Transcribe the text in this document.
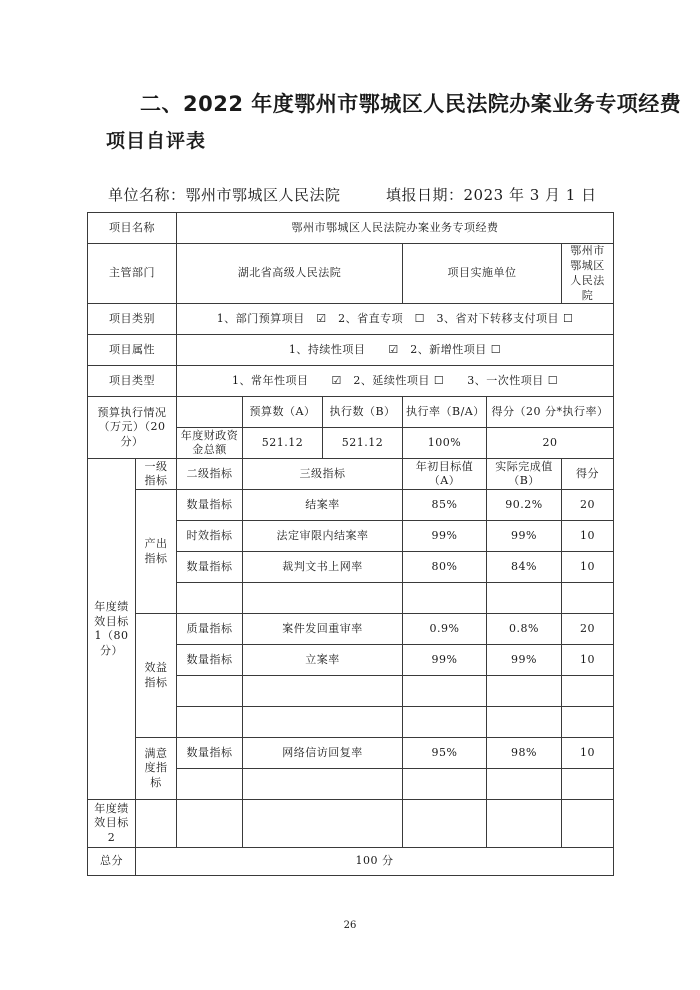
二、2022 年度鄂州市鄂城区人民法院办案业务专项经费
项目自评表
单位名称：鄂州市鄂城区人民法院	填报日期：2023 年 3 月 1 日
项目名称		鄂州市鄂城区人民法院办案业务专项经费					
主管部门		湖北省高级人民法院			项目实施单位		鄂州市鄂城区人民法院
项目类别		1、部门预算项目　☑　2、省直专项　☐　3、省对下转移支付项目 ☐					
项目属性		1、持续性项目　　☑　2、新增性项目 ☐					
项目类型		1、常年性项目　　☑　2、延续性项目 ☐　　3、一次性项目 ☐					
预算执行情况（万元）（20 分）			预算数（A）	执行数（B）	执行率（B/A）	得分（20 分*执行率）	
		年度财政资金总额	521.12	521.12	100%	20	
年度绩效目标 1（80 分）	一级指标	二级指标	三级指标		年初目标值（A）	实际完成值（B）	得分
	产出指标	数量指标	结案率		85%	90.2%	20
		时效指标	法定审限内结案率		99%	99%	10
		数量指标	裁判文书上网率		80%	84%	10

	效益指标	质量指标	案件发回重审率		0.9%	0.8%	20
		数量指标	立案率		99%	99%	10

	满意度指标	数量指标	网络信访回复率		95%	98%	10

年度绩效目标 2							
总分	100 分						
26
